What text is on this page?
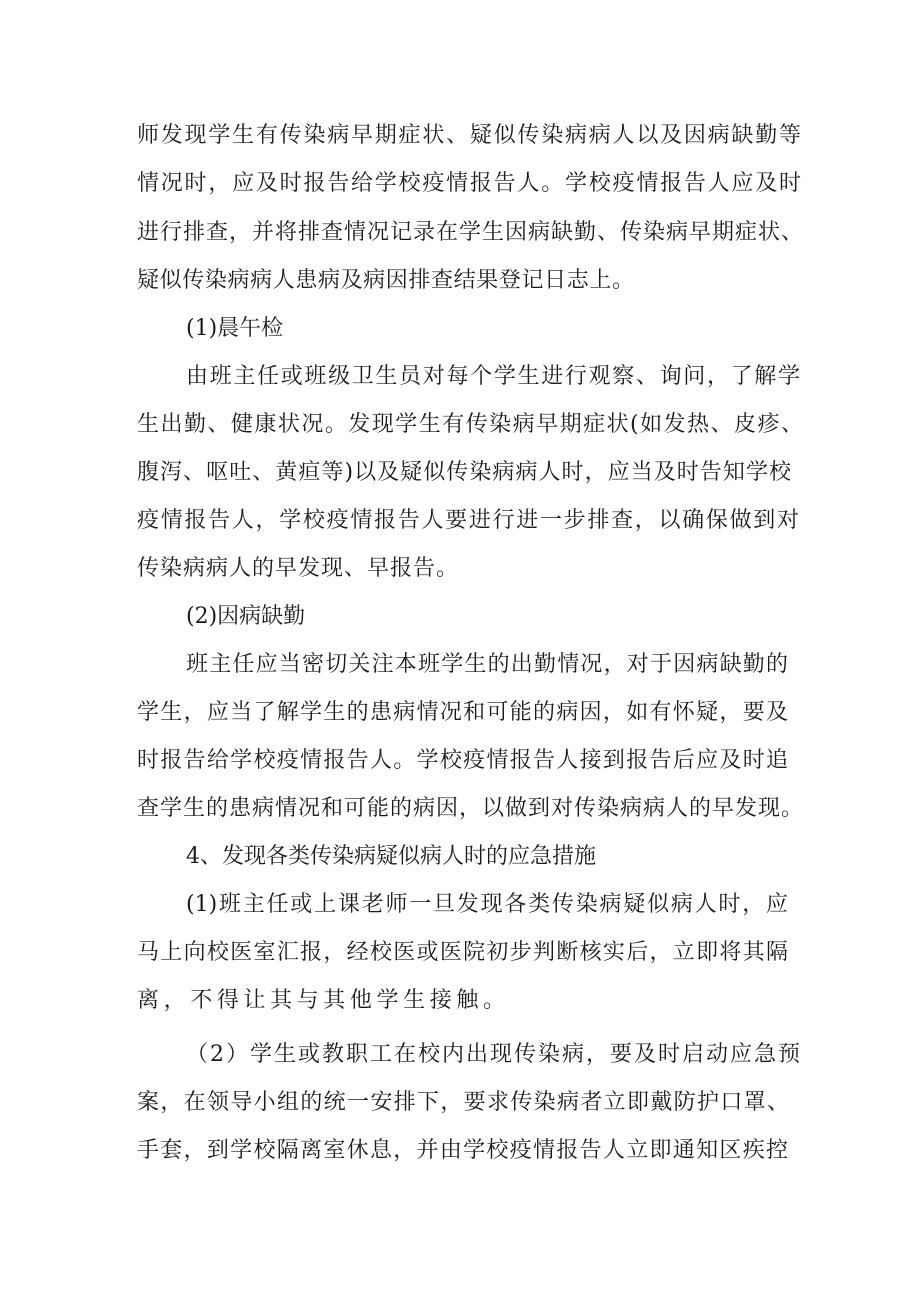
师发现学生有传染病早期症状、疑似传染病病人以及因病缺勤等

情况时，应及时报告给学校疫情报告人。学校疫情报告人应及时

进行排查，并将排查情况记录在学生因病缺勤、传染病早期症状、

疑似传染病病人患病及病因排查结果登记日志上。

(1)晨午检

由班主任或班级卫生员对每个学生进行观察、询问，了解学

生出勤、健康状况。发现学生有传染病早期症状(如发热、皮疹、

腹泻、呕吐、黄疸等)以及疑似传染病病人时，应当及时告知学校

疫情报告人，学校疫情报告人要进行进一步排查，以确保做到对

传染病病人的早发现、早报告。

(2)因病缺勤

班主任应当密切关注本班学生的出勤情况，对于因病缺勤的

学生，应当了解学生的患病情况和可能的病因，如有怀疑，要及

时报告给学校疫情报告人。学校疫情报告人接到报告后应及时追

查学生的患病情况和可能的病因，以做到对传染病病人的早发现。

4、发现各类传染病疑似病人时的应急措施

(1)班主任或上课老师一旦发现各类传染病疑似病人时，应

马上向校医室汇报，经校医或医院初步判断核实后，立即将其隔

离，不得让其与其他学生接触。

（2）学生或教职工在校内出现传染病，要及时启动应急预

案，在领导小组的统一安排下，要求传染病者立即戴防护口罩、

手套，到学校隔离室休息，并由学校疫情报告人立即通知区疾控
